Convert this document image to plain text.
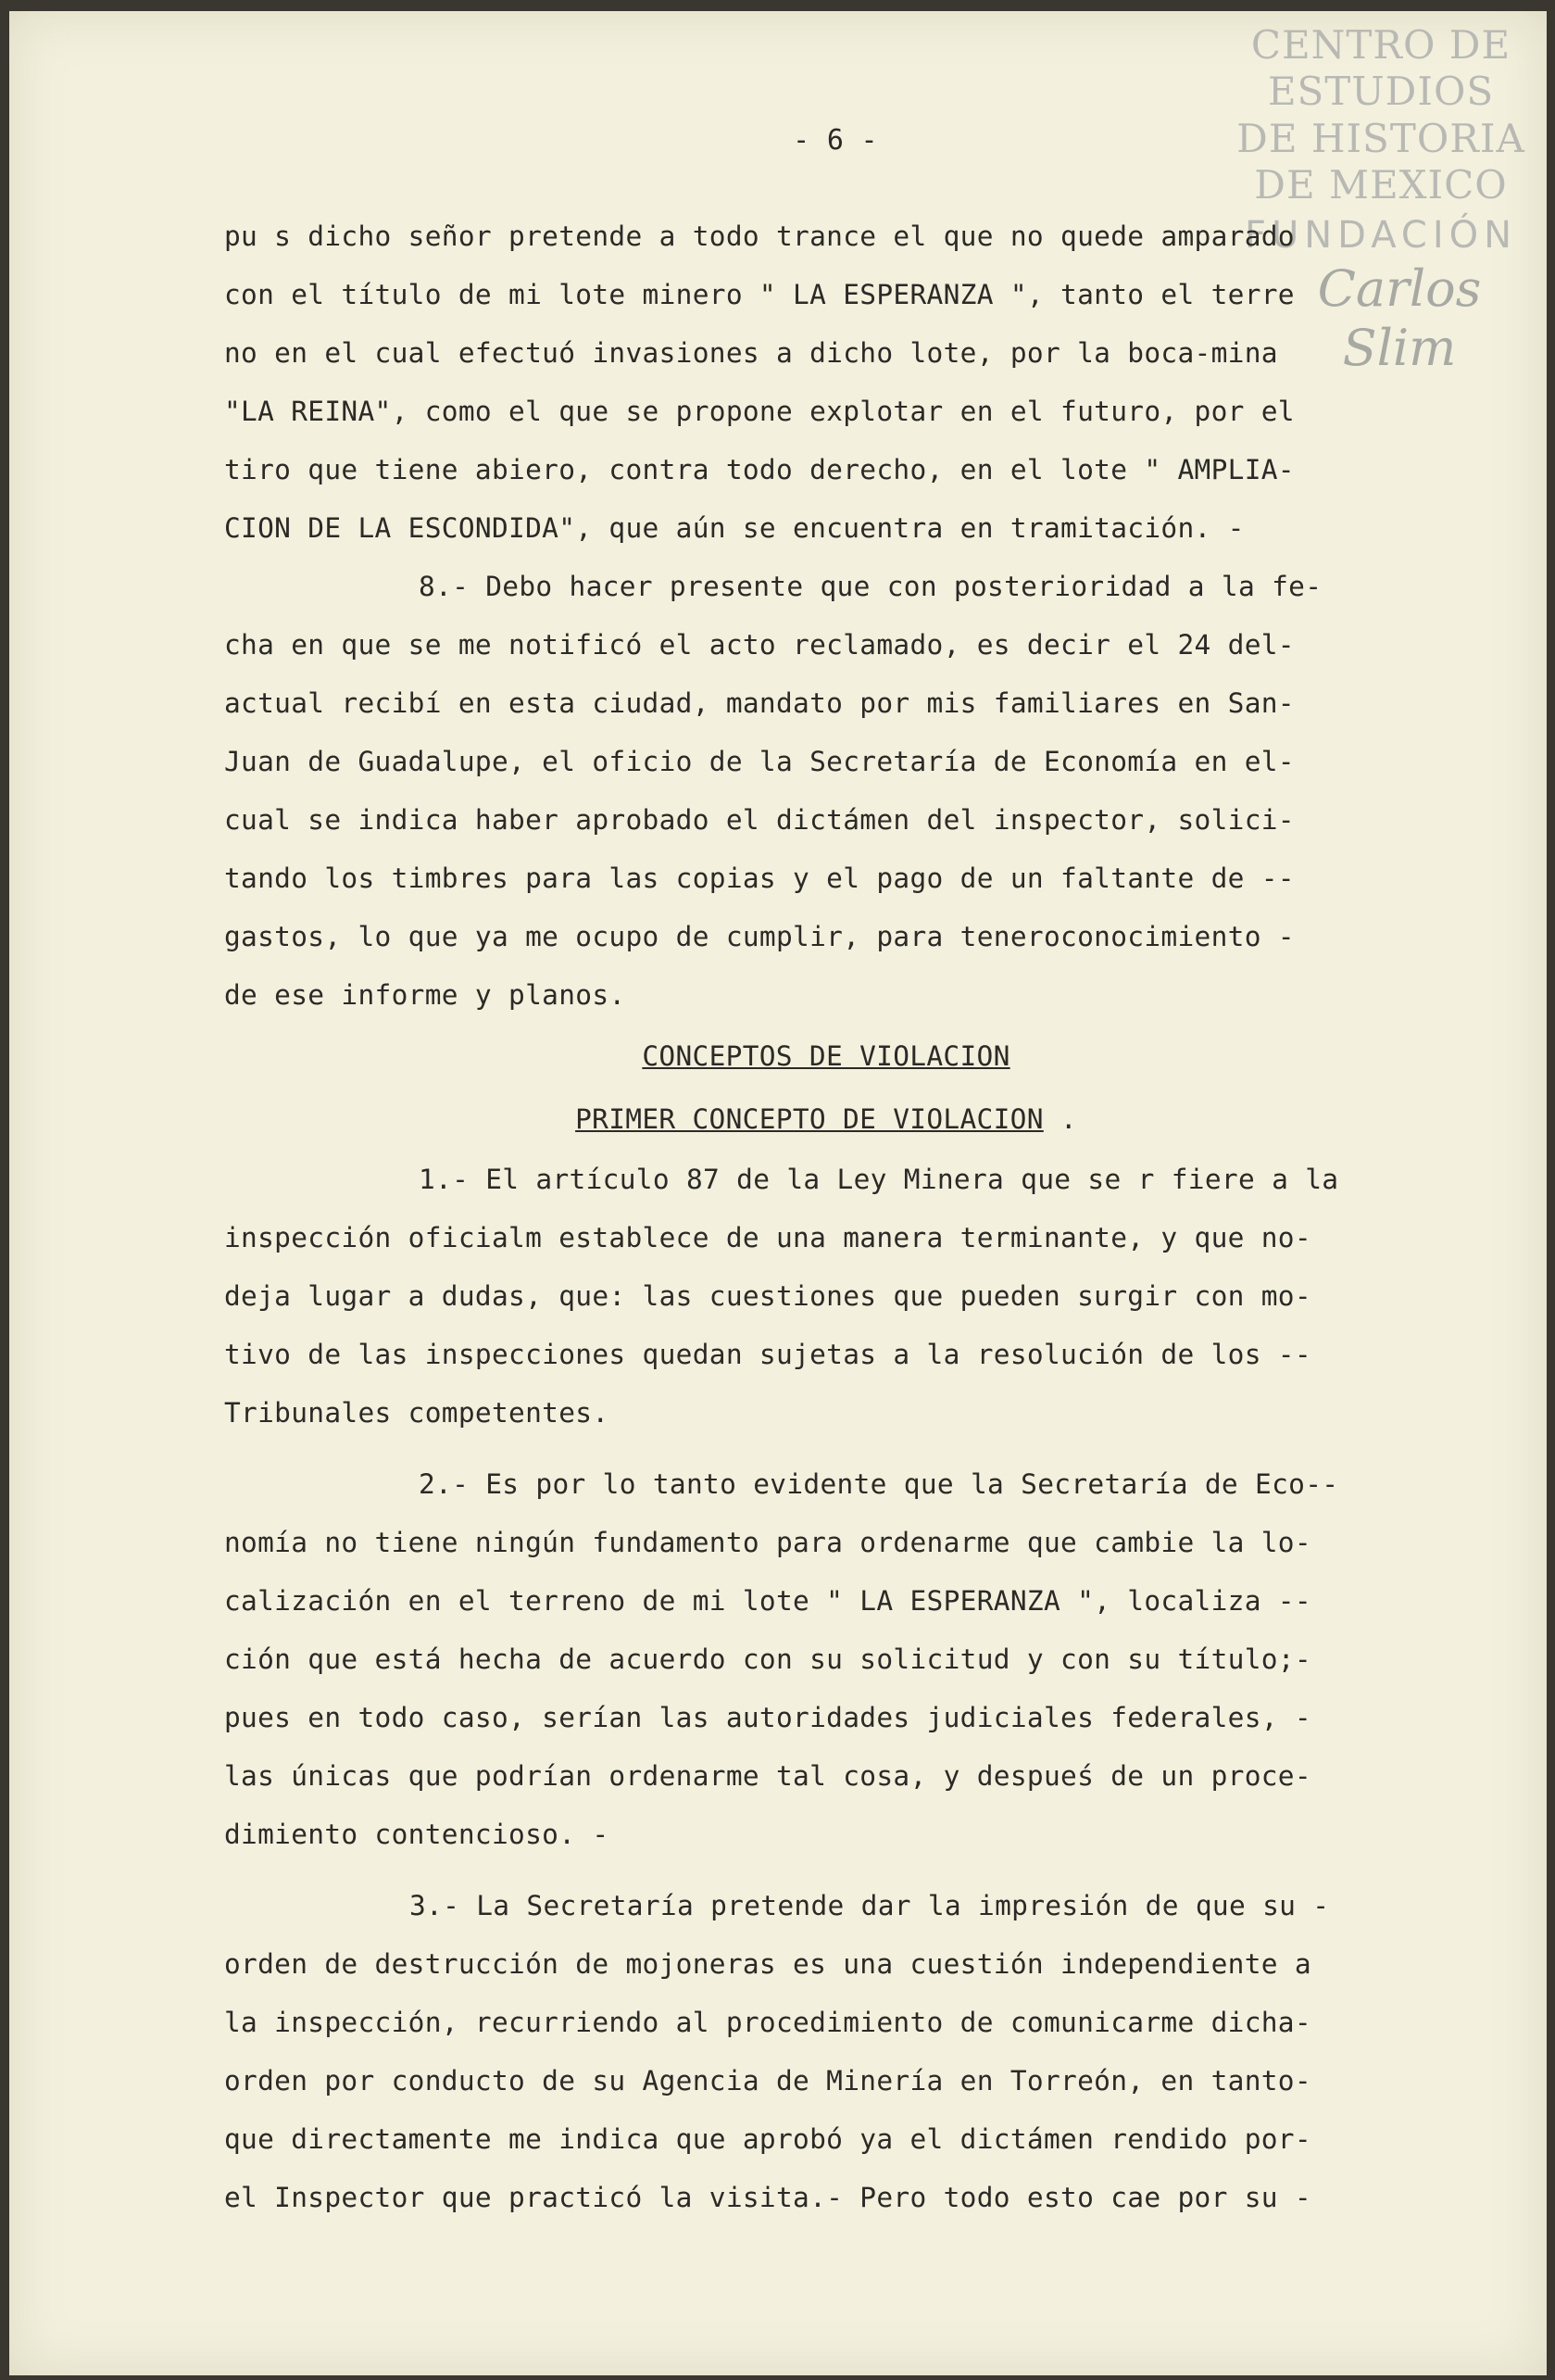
CENTRO DE
ESTUDIOS
DE HISTORIA
DE MEXICO
FUNDACIÓN
Carlos Slim
- 6 -
pu s dicho señor pretende a todo trance el que no quede amparado
con el título de mi lote minero " LA ESPERANZA ", tanto el terre
no en el cual efectuó invasiones a dicho lote, por la boca-mina
"LA REINA", como el que se propone explotar en el futuro, por el
tiro que tiene abiero, contra todo derecho, en el lote " AMPLIA-
CION DE LA ESCONDIDA", que aún se encuentra en tramitación. -
8.- Debo hacer presente que con posterioridad a la fe-
cha en que se me notificó el acto reclamado, es decir el 24 del-
actual recibí en esta ciudad, mandato por mis familiares en San-
Juan de Guadalupe, el oficio de la Secretaría de Economía en el-
cual se indica haber aprobado el dictámen del inspector, solici-
tando los timbres para las copias y el pago de un faltante de --
gastos, lo que ya me ocupo de cumplir, para teneroconocimiento -
de ese informe y planos.
CONCEPTOS DE VIOLACION
PRIMER CONCEPTO DE VIOLACION .
1.- El artículo 87 de la Ley Minera que se r fiere a la
inspección oficialm establece de una manera terminante, y que no-
deja lugar a dudas, que: las cuestiones que pueden surgir con mo-
tivo de las inspecciones quedan sujetas a la resolución de los --
Tribunales competentes.
2.- Es por lo tanto evidente que la Secretaría de Eco--
nomía no tiene ningún fundamento para ordenarme que cambie la lo-
calización en el terreno de mi lote " LA ESPERANZA ", localiza --
ción que está hecha de acuerdo con su solicitud y con su título;-
pues en todo caso, serían las autoridades judiciales federales, -
las únicas que podrían ordenarme tal cosa, y despueś de un proce-
dimiento contencioso. -
3.- La Secretaría pretende dar la impresión de que su -
orden de destrucción de mojoneras es una cuestión independiente a
la inspección, recurriendo al procedimiento de comunicarme dicha-
orden por conducto de su Agencia de Minería en Torreón, en tanto-
que directamente me indica que aprobó ya el dictámen rendido por-
el Inspector que practicó la visita.- Pero todo esto cae por su -
